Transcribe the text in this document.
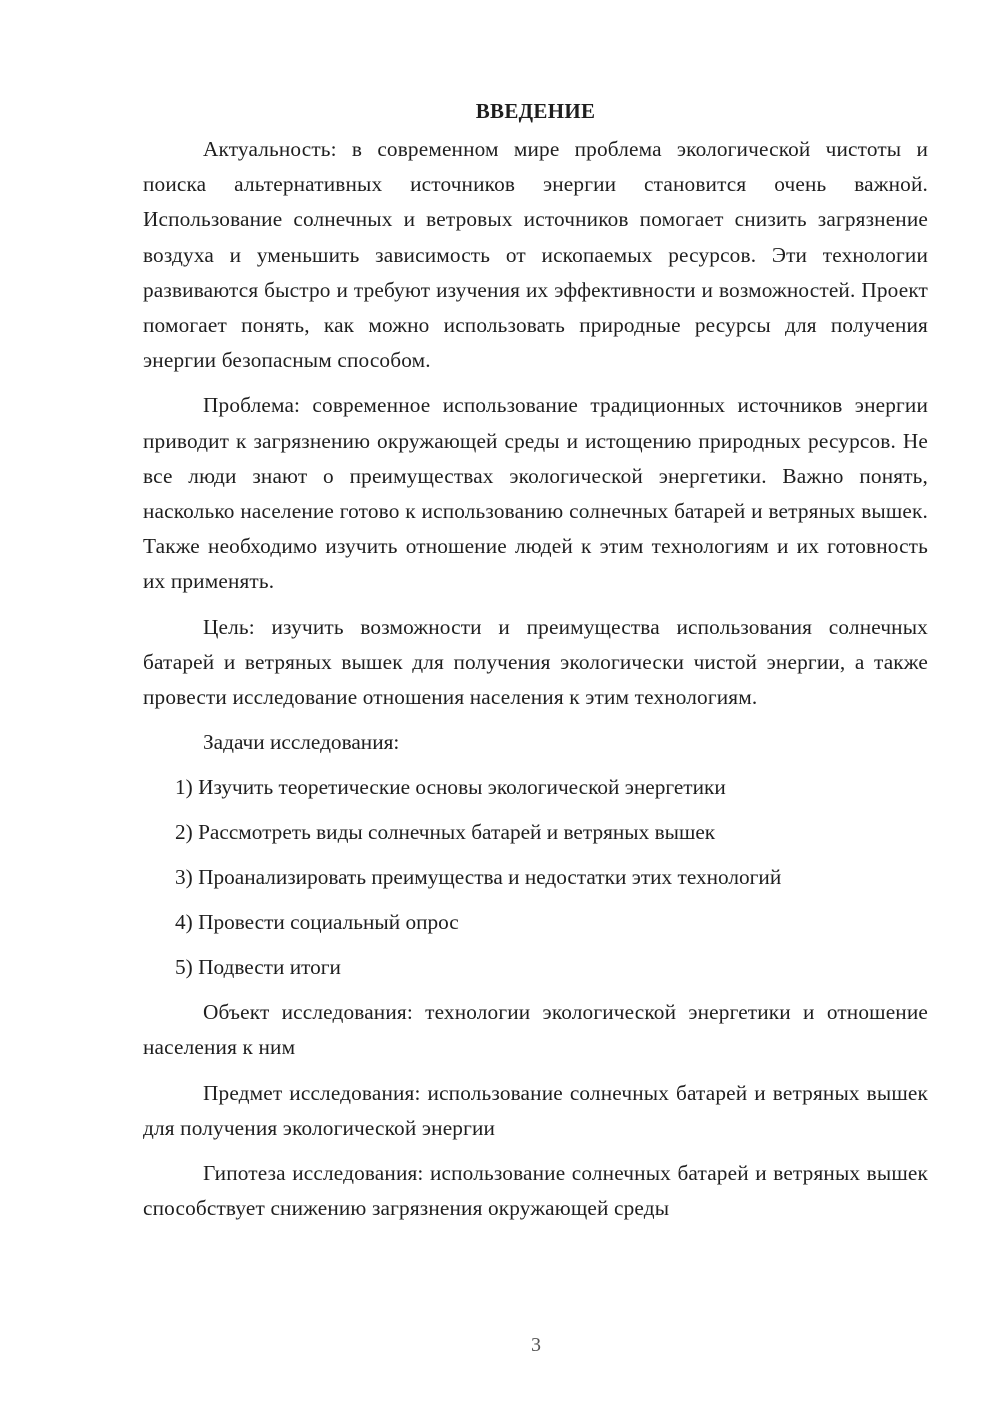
ВВЕДЕНИЕ

Актуальность: в современном мире проблема экологической чистоты и поиска альтернативных источников энергии становится очень важной. Использование солнечных и ветровых источников помогает снизить загрязнение воздуха и уменьшить зависимость от ископаемых ресурсов. Эти технологии развиваются быстро и требуют изучения их эффективности и возможностей. Проект помогает понять, как можно использовать природные ресурсы для получения энергии безопасным способом.

Проблема: современное использование традиционных источников энергии приводит к загрязнению окружающей среды и истощению природных ресурсов. Не все люди знают о преимуществах экологической энергетики. Важно понять, насколько население готово к использованию солнечных батарей и ветряных вышек. Также необходимо изучить отношение людей к этим технологиям и их готовность их применять.

Цель: изучить возможности и преимущества использования солнечных батарей и ветряных вышек для получения экологически чистой энергии, а также провести исследование отношения населения к этим технологиям.

Задачи исследования:

1) Изучить теоретические основы экологической энергетики

2) Рассмотреть виды солнечных батарей и ветряных вышек

3) Проанализировать преимущества и недостатки этих технологий

4) Провести социальный опрос

5) Подвести итоги

Объект исследования: технологии экологической энергетики и отношение населения к ним

Предмет исследования: использование солнечных батарей и ветряных вышек для получения экологической энергии

Гипотеза исследования: использование солнечных батарей и ветряных вышек способствует снижению загрязнения окружающей среды

3
